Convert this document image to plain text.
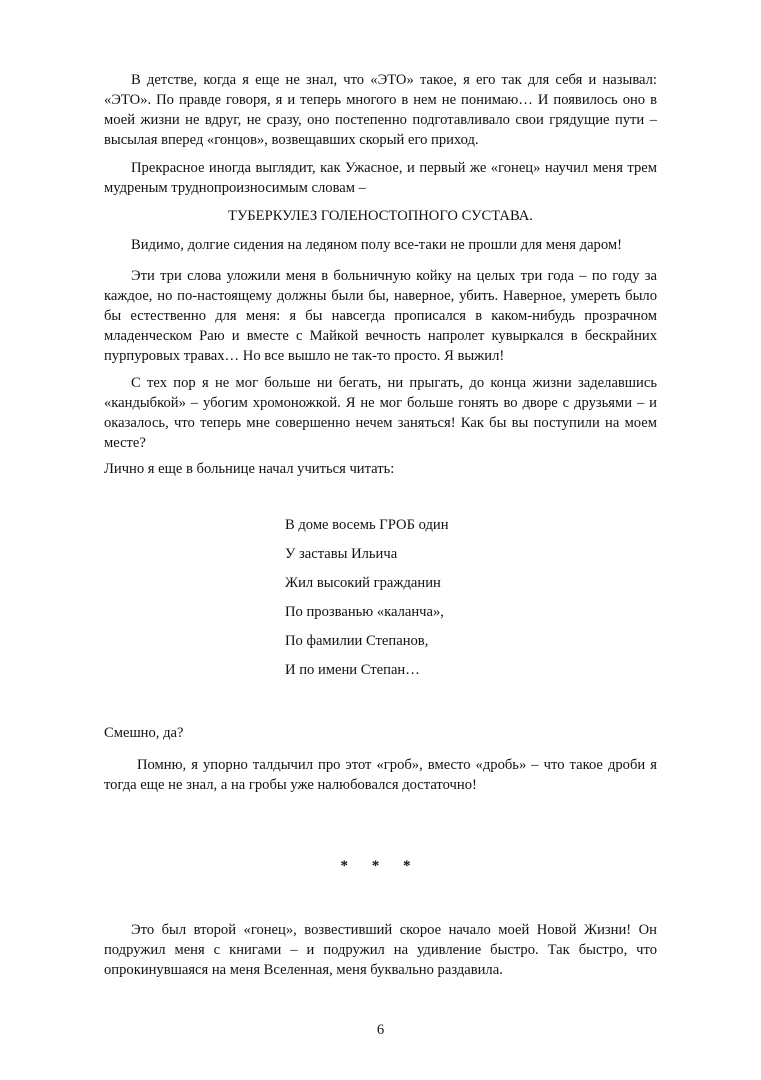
В детстве, когда я еще не знал, что «ЭТО» такое, я его так для себя и называл: «ЭТО». По правде говоря, я и теперь многого в нем не понимаю… И появилось оно в моей жизни не вдруг, не сразу, оно постепенно подготавливало свои грядущие пути – высылая вперед «гонцов», возвещавших скорый его приход.

Прекрасное иногда выглядит, как Ужасное, и первый же «гонец» научил меня трем мудреным труднопроизносимым словам –

ТУБЕРКУЛЕЗ ГОЛЕНОСТОПНОГО СУСТАВА.

Видимо, долгие сидения на ледяном полу все-таки не прошли для меня даром!

Эти три слова уложили меня в больничную койку на целых три года – по году за каждое, но по-настоящему должны были бы, наверное, убить. Наверное, умереть было бы естественно для меня: я бы навсегда прописался в каком-нибудь прозрачном младенческом Раю и вместе с Майкой вечность напролет кувыркался в бескрайних пурпуровых травах… Но все вышло не так-то просто. Я выжил!

С тех пор я не мог больше ни бегать, ни прыгать, до конца жизни заделавшись «кандыбкой» – убогим хромоножкой. Я не мог больше гонять во дворе с друзьями – и оказалось, что теперь мне совершенно нечем заняться! Как бы вы поступили на моем месте?

Лично я еще в больнице начал учиться читать:

В доме восемь ГРОБ один
У заставы Ильича
Жил высокий гражданин
По прозванью «каланча»,
По фамилии Степанов,
И по имени Степан…

Смешно, да?

Помню, я упорно талдычил про этот «гроб», вместо «дробь» – что такое дроби я тогда еще не знал, а на гробы уже налюбовался достаточно!

* * *

Это был второй «гонец», возвестивший скорое начало моей Новой Жизни! Он подружил меня с книгами – и подружил на удивление быстро. Так быстро, что опрокинувшаяся на меня Вселенная, меня буквально раздавила.

6
